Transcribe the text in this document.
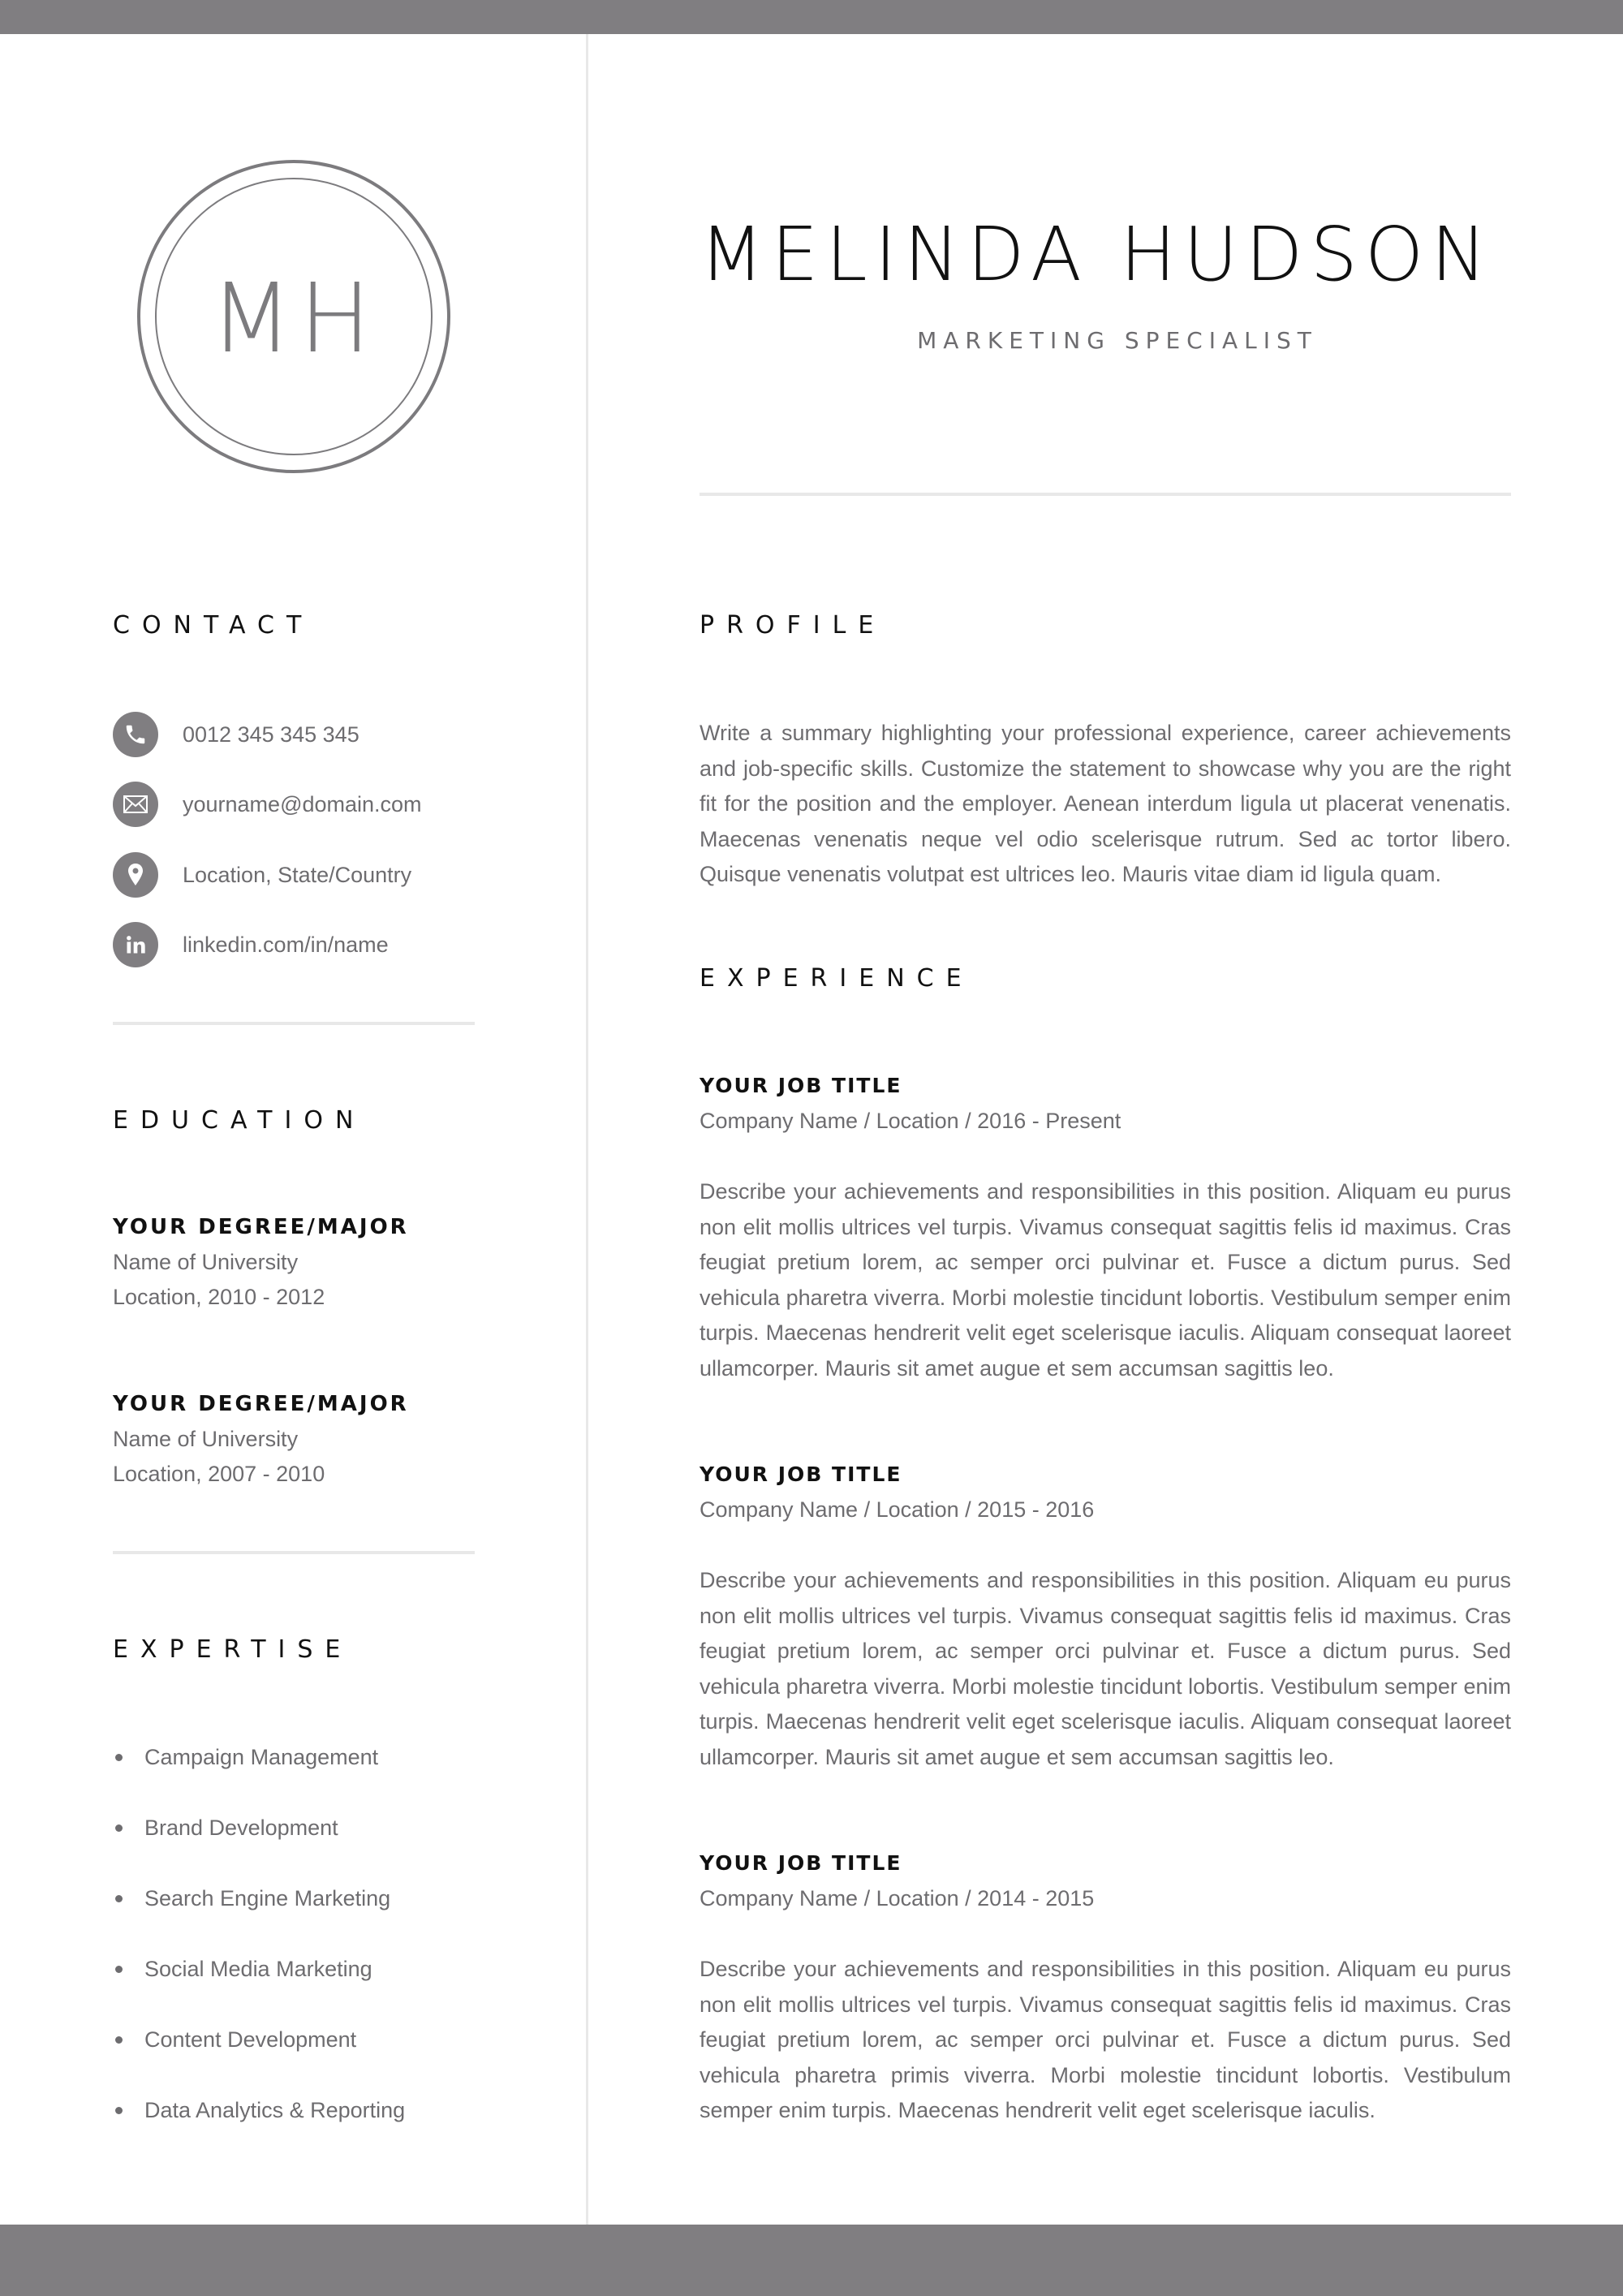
MH
MELINDA HUDSON
MARKETING SPECIALIST
CONTACT
0012 345 345 345
yourname@domain.com
Location, State/Country
linkedin.com/in/name
EDUCATION
YOUR DEGREE/MAJOR
Name of University
Location, 2010 - 2012
YOUR DEGREE/MAJOR
Name of University
Location, 2007 - 2010
EXPERTISE
Campaign Management
Brand Development
Search Engine Marketing
Social Media Marketing
Content Development
Data Analytics & Reporting
PROFILE
Write a summary highlighting your professional experience, career achievements and job-specific skills. Customize the statement to showcase why you are the right fit for the position and the employer. Aenean interdum ligula ut placerat venenatis. Maecenas venenatis neque vel odio scelerisque rutrum. Sed ac tortor libero. Quisque venenatis volutpat est ultrices leo. Mauris vitae diam id ligula quam.
EXPERIENCE
YOUR JOB TITLE
Company Name / Location / 2016 - Present
Describe your achievements and responsibilities in this position. Aliquam eu purus non elit mollis ultrices vel turpis. Vivamus consequat sagittis felis id maximus. Cras feugiat pretium lorem, ac semper orci pulvinar et. Fusce a dictum purus. Sed vehicula pharetra viverra. Morbi molestie tincidunt lobortis. Vestibulum semper enim turpis. Maecenas hendrerit velit eget scelerisque iaculis. Aliquam consequat laoreet ullamcorper. Mauris sit amet augue et sem accumsan sagittis leo.
YOUR JOB TITLE
Company Name / Location / 2015 - 2016
Describe your achievements and responsibilities in this position. Aliquam eu purus non elit mollis ultrices vel turpis. Vivamus consequat sagittis felis id maximus. Cras feugiat pretium lorem, ac semper orci pulvinar et. Fusce a dictum purus. Sed vehicula pharetra viverra. Morbi molestie tincidunt lobortis. Vestibulum semper enim turpis. Maecenas hendrerit velit eget scelerisque iaculis. Aliquam consequat laoreet ullamcorper. Mauris sit amet augue et sem accumsan sagittis leo.
YOUR JOB TITLE
Company Name / Location / 2014 - 2015
Describe your achievements and responsibilities in this position. Aliquam eu purus non elit mollis ultrices vel turpis. Vivamus consequat sagittis felis id maximus. Cras feugiat pretium lorem, ac semper orci pulvinar et. Fusce a dictum purus. Sed vehicula pharetra primis viverra. Morbi molestie tincidunt lobortis. Vestibulum semper enim turpis. Maecenas hendrerit velit eget scelerisque iaculis.
